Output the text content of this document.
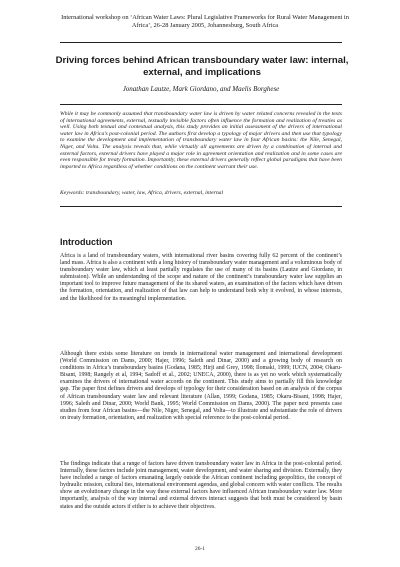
International workshop on ‘African Water Laws: Plural Legislative Frameworks for Rural Water Management in Africa’, 26-28 January 2005, Johannesburg, South Africa
Driving forces behind African transboundary water law: internal, external, and implications
Jonathan Lautze, Mark Giordano, and Maelis Borghese

While it may be commonly assumed that transboundary water law is driven by water related concerns revealed in the texts of international agreements, external, textually invisible factors often influence the formation and realization of treaties as well. Using both textual and contextual analysis, this study provides an initial assessment of the drivers of international water law in Africa’s post-colonial period. The authors first develop a typology of major drivers and then use that typology to examine the development and implementation of transboundary water law in four African basins: the Nile, Senegal, Niger, and Volta. The analysis reveals that, while virtually all agreements are driven by a combination of internal and external factors, external drivers have played a major role in agreement orientation and realization and in some cases are even responsible for treaty formation. Importantly, these external drivers generally reflect global paradigms that have been imported to Africa regardless of whether conditions on the continent warrant their use.

Keywords: transboundary, water, law, Africa, drivers, external, internal

Introduction

Africa is a land of transboundary waters, with international river basins covering fully 62 percent of the continent’s land mass. Africa is also a continent with a long history of transboundary water management and a voluminous body of transboundary water law, which at least partially regulates the use of many of its basins (Lautze and Giordano, in submission). While an understanding of the scope and nature of the continent’s transboundary water law supplies an important tool to improve future management of the its shared waters, an examination of the factors which have driven the formation, orientation, and realization of that law can help to understand both why it evolved, in whose interests, and the likelihood for its meaningful implementation.

Although there exists some literature on trends in international water management and international development (World Commission on Dams, 2000; Hajer, 1996; Saleth and Dinar, 2000) and a growing body of research on conditions in Africa’s transboundary basins (Godana, 1985; Hirji and Grey, 1998; Ilomaki, 1999; IUCN, 2004; Okaru-Bisant, 1998; Rangely et al, 1994; Sadoff et al., 2002; UNECA, 2000), there is as yet no work which systematically examines the drivers of international water accords on the continent. This study aims to partially fill this knowledge gap. The paper first defines drivers and develops of typology for their consideration based on an analysis of the corpus of African transboundary water law and relevant literature (Allan, 1999; Godana, 1985; Okaru-Bisant, 1998; Hajer, 1996; Saleth and Dinar, 2000; World Bank, 1995; World Commission on Dams, 2000). The paper next presents case studies from four African basins—the Nile, Niger, Senegal, and Volta—to illustrate and substantiate the role of drivers on treaty formation, orientation, and realization with special reference to the post-colonial period.

The findings indicate that a range of factors have driven transboundary water law in Africa in the post-colonial period. Internally, these factors include joint management, water development, and water sharing and division. Externally, they have included a range of factors emanating largely outside the African continent including geopolitics, the concept of hydraulic mission, cultural ties, international environment agendas, and global concern with water conflicts. The results show an evolutionary change in the way these external factors have influenced African transboundary water law. More importantly, analysis of the way internal and external drivers interact suggests that both must be considered by basin states and the outside actors if either is to achieve their objectives.

26-1
